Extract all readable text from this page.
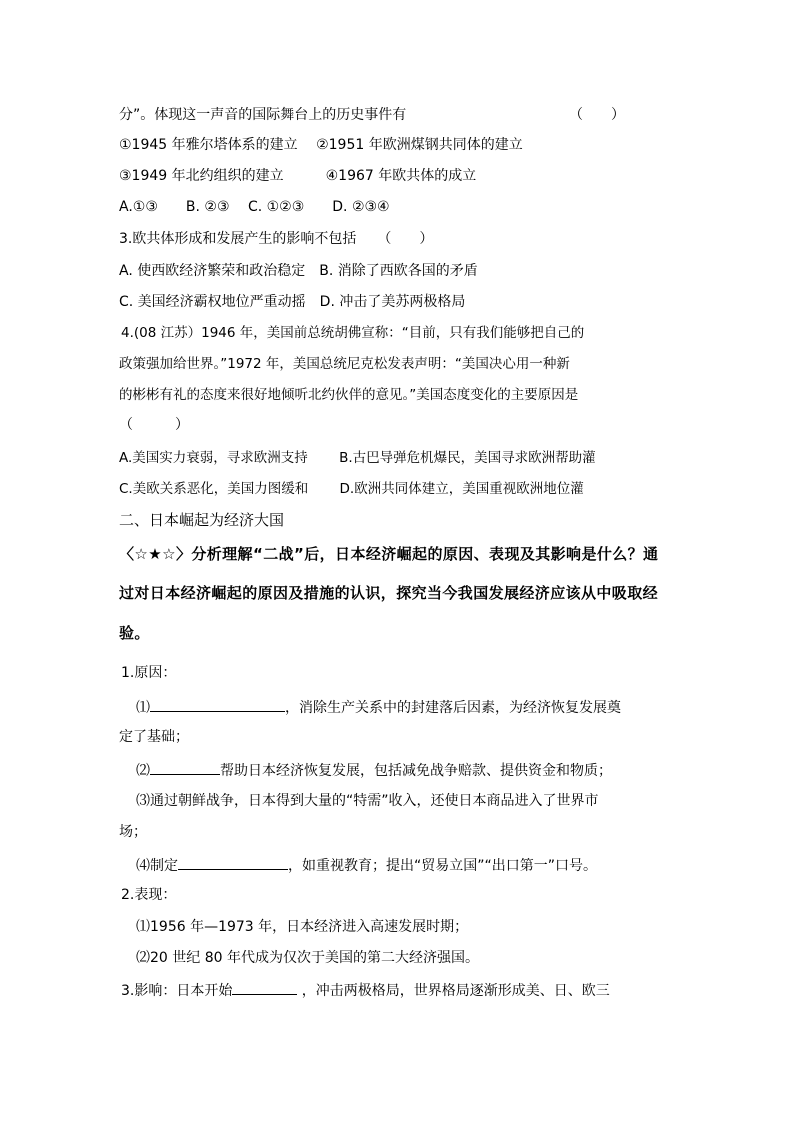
分”。体现这一声音的国际舞台上的历史事件有	（　　）
①1945 年雅尔塔体系的建立　 ②1951 年欧洲煤钢共同体的建立
③1949 年北约组织的建立　　　④1967 年欧共体的成立
A.①③　　B. ②③　 C. ①②③　　D. ②③④
3.欧共体形成和发展产生的影响不包括　　（　　）
A. 使西欧经济繁荣和政治稳定　B. 消除了西欧各国的矛盾
C. 美国经济霸权地位严重动摇　D. 冲击了美苏两极格局
4.(08 江苏）1946 年，美国前总统胡佛宣称：“目前，只有我们能够把自己的
政策强加给世界。”1972 年，美国总统尼克松发表声明：“美国决心用一种新
的彬彬有礼的态度来很好地倾听北约伙伴的意见。”美国态度变化的主要原因是
（　　　）
A.美国实力衰弱，寻求欧洲支持　　 B.古巴导弹危机爆民，美国寻求欧洲帮助灌
C.美欧关系恶化，美国力图缓和　　 D.欧洲共同体建立，美国重视欧洲地位灌
二、日本崛起为经济大国
〈☆★☆〉分析理解“二战”后，日本经济崛起的原因、表现及其影响是什么？通
过对日本经济崛起的原因及措施的认识，探究当今我国发展经济应该从中吸取经
验。
1.原因：
⑴	，消除生产关系中的封建落后因素，为经济恢复发展奠
定了基础；
⑵	帮助日本经济恢复发展，包括减免战争赔款、提供资金和物质；
⑶通过朝鲜战争，日本得到大量的“特需”收入，还使日本商品进入了世界市
场；
⑷制定	，如重视教育；提出“贸易立国”“出口第一”口号。
2.表现：
⑴1956 年—1973 年，日本经济进入高速发展时期；
⑵20 世纪 80 年代成为仅次于美国的第二大经济强国。
3.影响：日本开始	，冲击两极格局，世界格局逐渐形成美、日、欧三
